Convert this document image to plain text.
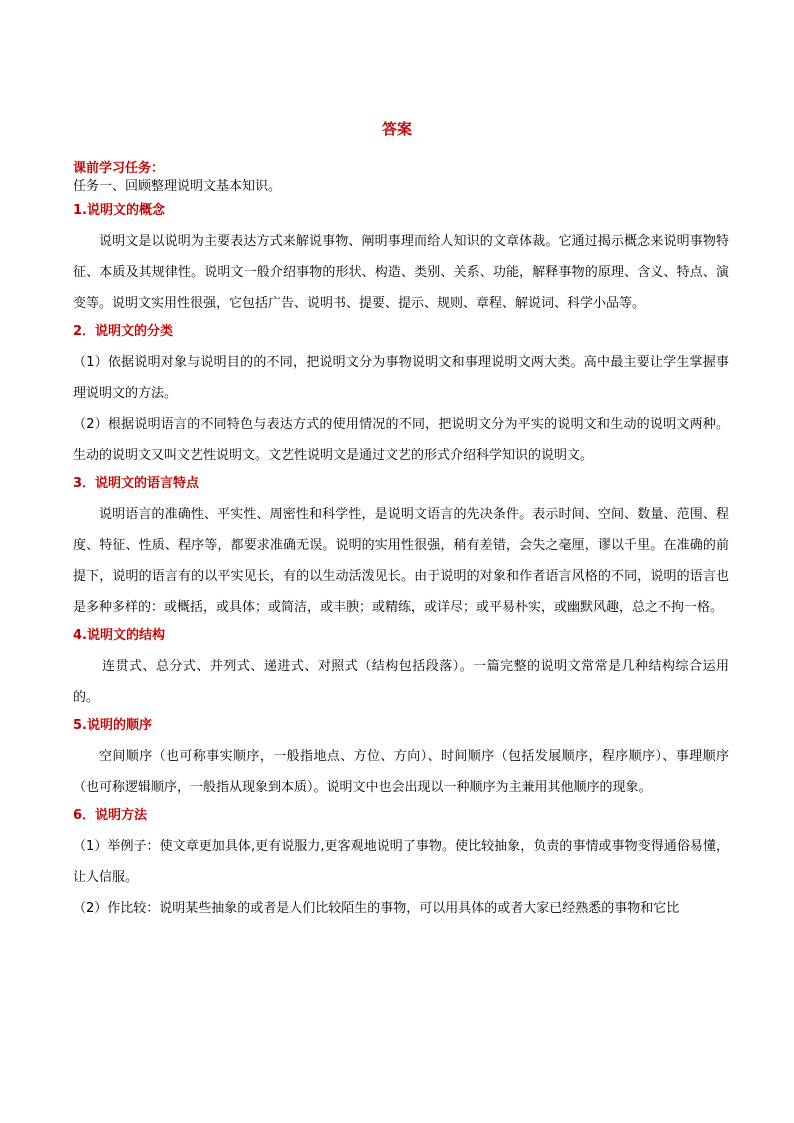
答案

课前学习任务：

任务一、回顾整理说明文基本知识。

1.说明文的概念

说明文是以说明为主要表达方式来解说事物、阐明事理而给人知识的文章体裁。它通过揭示概念来说明事物特征、本质及其规律性。说明文一般介绍事物的形状、构造、类别、关系、功能，解释事物的原理、含义、特点、演变等。说明文实用性很强，它包括广告、说明书、提要、提示、规则、章程、解说词、科学小品等。

2．说明文的分类

（1）依据说明对象与说明目的的不同，把说明文分为事物说明文和事理说明文两大类。高中最主要让学生掌握事理说明文的方法。

（2）根据说明语言的不同特色与表达方式的使用情况的不同，把说明文分为平实的说明文和生动的说明文两种。生动的说明文又叫文艺性说明文。文艺性说明文是通过文艺的形式介绍科学知识的说明文。

3．说明文的语言特点

说明语言的准确性、平实性、周密性和科学性，是说明文语言的先决条件。表示时间、空间、数量、范围、程度、特征、性质、程序等，都要求准确无误。说明的实用性很强，稍有差错，会失之毫厘，谬以千里。在准确的前提下，说明的语言有的以平实见长，有的以生动活泼见长。由于说明的对象和作者语言风格的不同，说明的语言也是多种多样的：或概括，或具体；或简洁，或丰腴；或精练，或详尽；或平易朴实，或幽默风趣，总之不拘一格。

4.说明文的结构

连贯式、总分式、并列式、递进式、对照式（结构包括段落）。一篇完整的说明文常常是几种结构综合运用的。

5.说明的顺序

空间顺序（也可称事实顺序，一般指地点、方位、方向）、时间顺序（包括发展顺序，程序顺序）、事理顺序（也可称逻辑顺序，一般指从现象到本质）。说明文中也会出现以一种顺序为主兼用其他顺序的现象。

6．说明方法

（1）举例子：使文章更加具体,更有说服力,更客观地说明了事物。使比较抽象，负责的事情或事物变得通俗易懂，让人信服。

（2）作比较：说明某些抽象的或者是人们比较陌生的事物，可以用具体的或者大家已经熟悉的事物和它比
